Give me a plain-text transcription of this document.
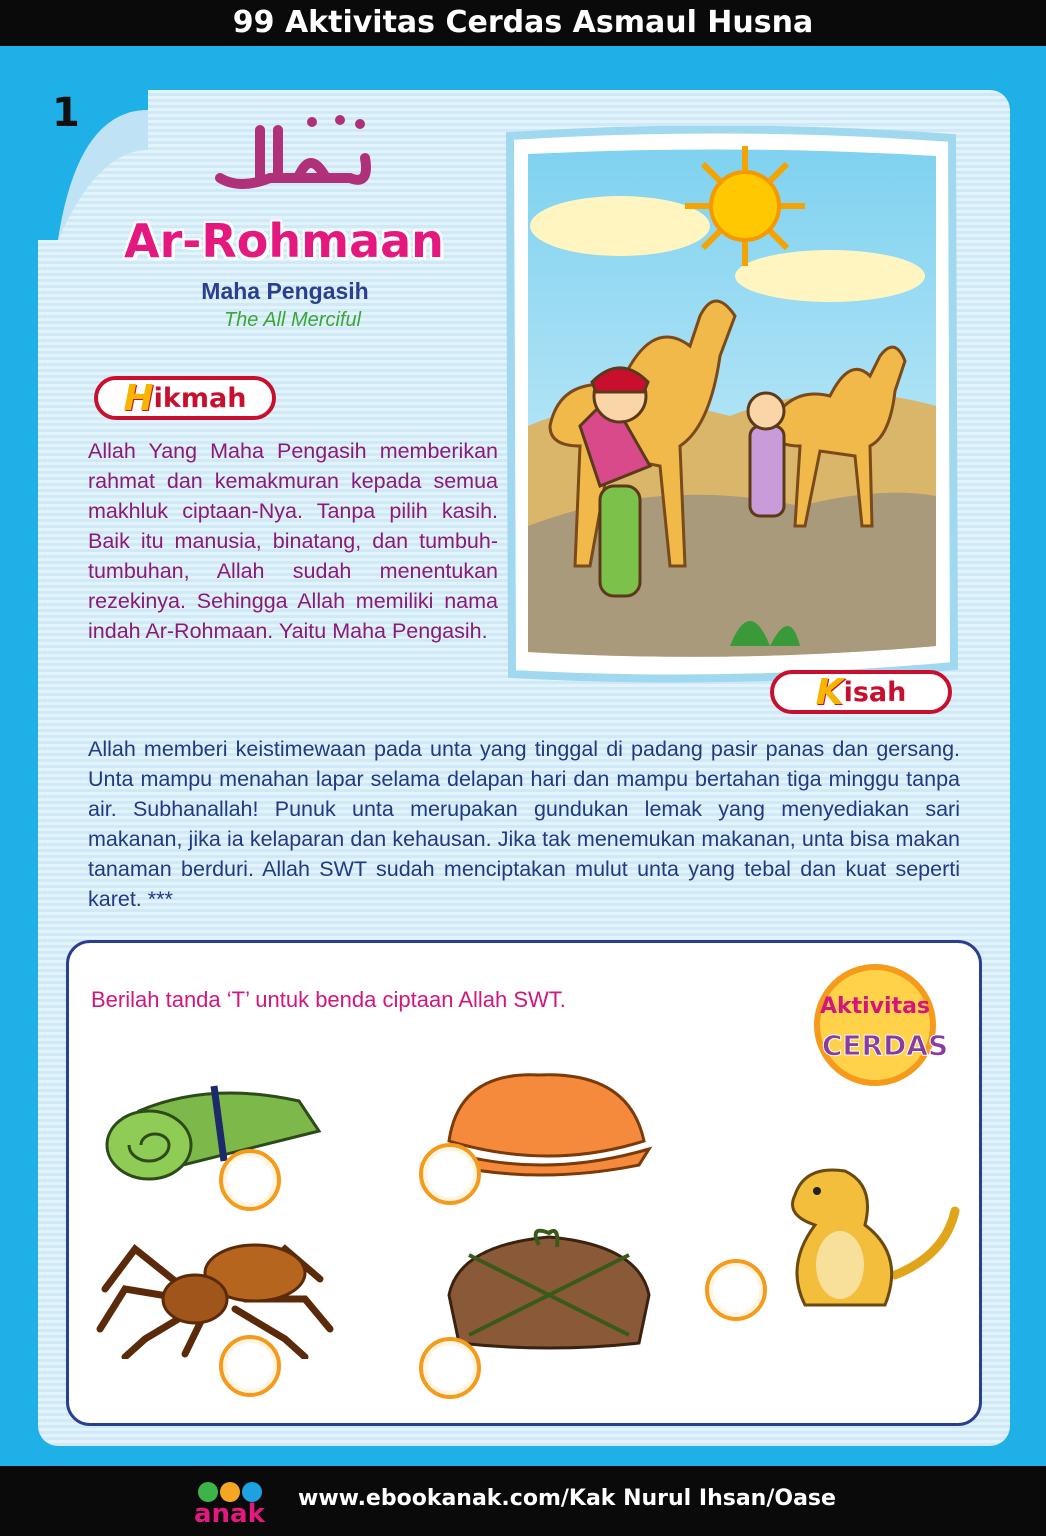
99 Aktivitas Cerdas Asmaul Husna
1
Ar-Rohmaan
Maha Pengasih
The All Merciful
H ikmah
Allah Yang Maha Pengasih memberikan rahmat dan kemakmuran kepada semua makhluk ciptaan-Nya. Tanpa pilih kasih. Baik itu manusia, binatang, dan tumbuh-tumbuhan, Allah sudah menentukan rezekinya. Sehingga Allah memiliki nama indah Ar-Rohmaan. Yaitu Maha Pengasih.
K isah
Allah memberi keistimewaan pada unta yang tinggal di padang pasir panas dan gersang. Unta mampu menahan lapar selama delapan hari dan mampu bertahan tiga minggu tanpa air. Subhanallah! Punuk unta merupakan gundukan lemak yang menyediakan sari makanan, jika ia kelaparan dan kehausan. Jika tak menemukan makanan, unta bisa makan tanaman berduri. Allah SWT sudah menciptakan mulut unta yang tebal dan kuat seperti karet. ***
Berilah tanda ‘T’ untuk benda ciptaan Allah SWT.	Aktivitas
CERDAS
anak
www.ebookanak.com/Kak Nurul Ihsan/Oase
